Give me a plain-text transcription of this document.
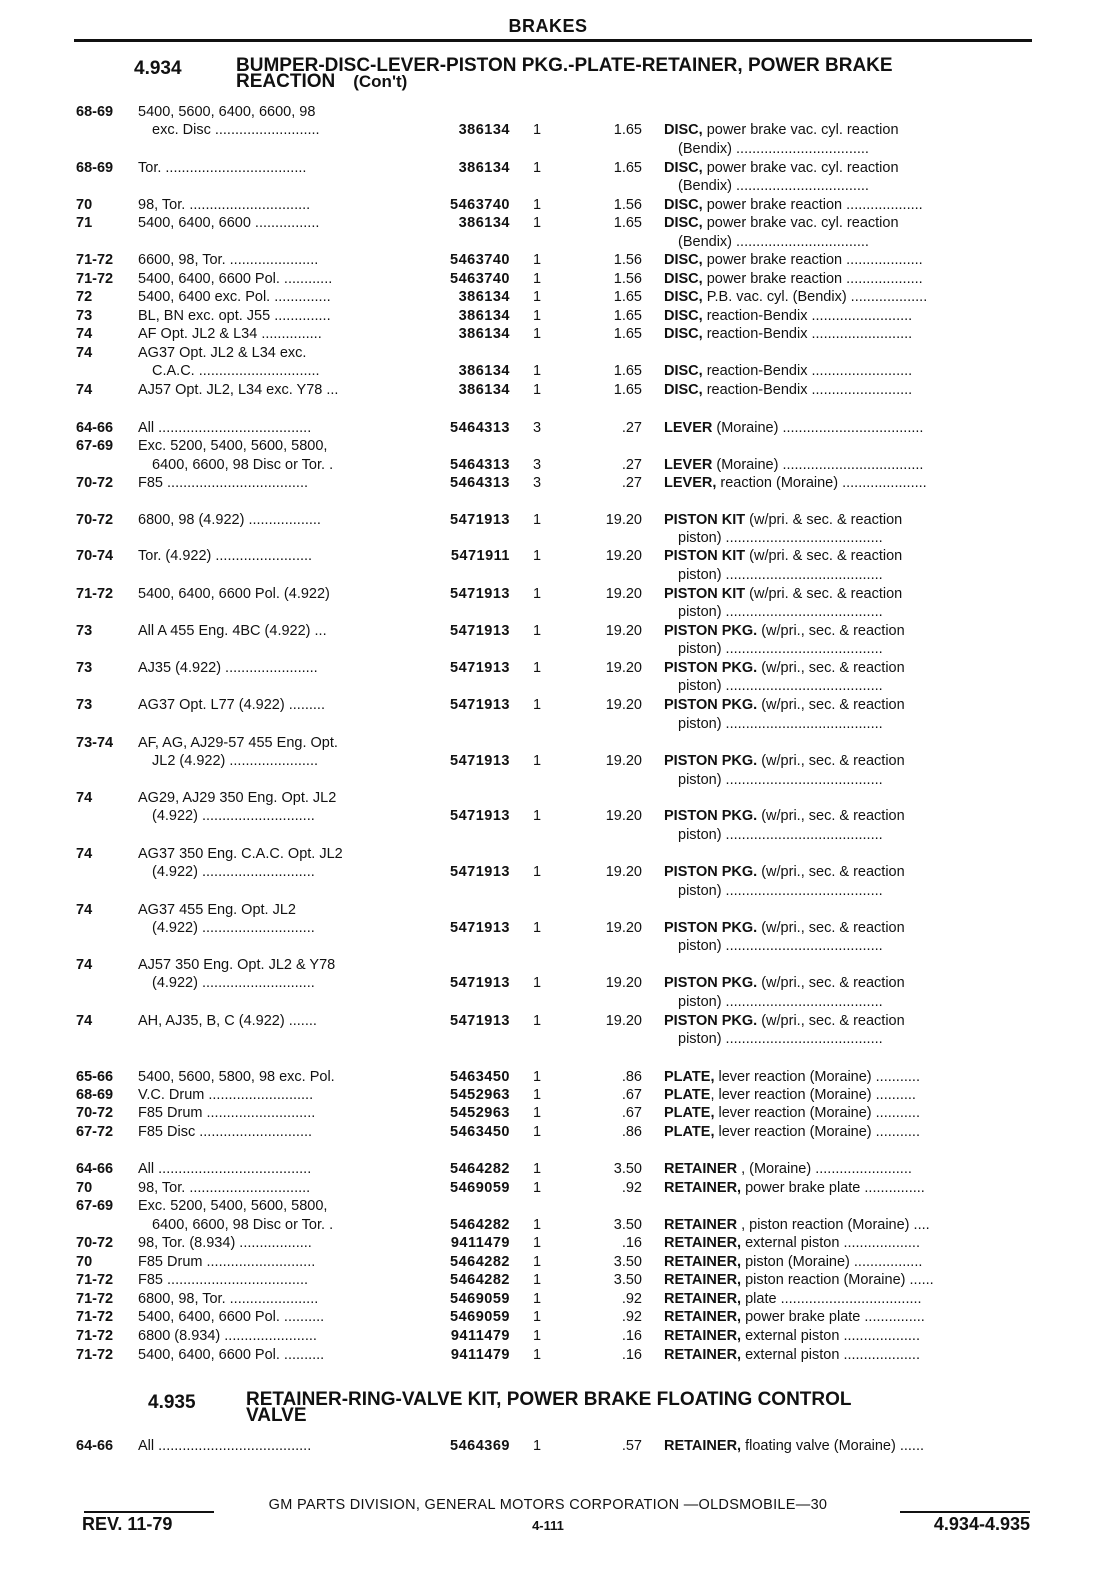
BRAKES
4.934	BUMPER-DISC-LEVER-PISTON PKG.-PLATE-RETAINER, POWER BRAKE
REACTION (Con't)
68-69	5400, 5600, 6400, 6600, 98
exc. Disc ..........................	386134	1	1.65 DISC, power brake vac. cyl. reaction
(Bendix) .................................
68-69	Tor. ...................................	386134	1	1.65 DISC, power brake vac. cyl. reaction
(Bendix) .................................
70	98, Tor. ..............................	5463740	1	1.56 DISC, power brake reaction ...................
71	5400, 6400, 6600 ................	386134	1	1.65 DISC, power brake vac. cyl. reaction
(Bendix) .................................
71-72	6600, 98, Tor. ......................	5463740	1	1.56 DISC, power brake reaction ...................
71-72	5400, 6400, 6600 Pol. ............	5463740	1	1.56 DISC, power brake reaction ...................
72	5400, 6400 exc. Pol. ..............	386134	1	1.65 DISC, P.B. vac. cyl. (Bendix) ...................
73	BL, BN exc. opt. J55 ..............	386134	1	1.65 DISC, reaction-Bendix .........................
74	AF Opt. JL2 & L34 ...............	386134	1	1.65 DISC, reaction-Bendix .........................
74	AG37 Opt. JL2 & L34 exc.
C.A.C. ..............................	386134	1	1.65 DISC, reaction-Bendix .........................
74	AJ57 Opt. JL2, L34 exc. Y78 ...	386134	1	1.65 DISC, reaction-Bendix .........................
64-66	All ......................................	5464313	3	.27 LEVER (Moraine) ...................................
67-69	Exc. 5200, 5400, 5600, 5800,
6400, 6600, 98 Disc or Tor. .	5464313	3	.27 LEVER (Moraine) ...................................
70-72	F85 ...................................	5464313	3	.27 LEVER, reaction (Moraine) .....................
70-72	6800, 98 (4.922) ..................	5471913	1	19.20 PISTON KIT (w/pri. & sec. & reaction
piston) .......................................
70-74	Tor. (4.922) ........................	5471911	1	19.20 PISTON KIT (w/pri. & sec. & reaction
piston) .......................................
71-72	5400, 6400, 6600 Pol. (4.922)	5471913	1	19.20 PISTON KIT (w/pri. & sec. & reaction
piston) .......................................
73	All A 455 Eng. 4BC (4.922) ...	5471913	1	19.20 PISTON PKG. (w/pri., sec. & reaction
piston) .......................................
73	AJ35 (4.922) .......................	5471913	1	19.20 PISTON PKG. (w/pri., sec. & reaction
piston) .......................................
73	AG37 Opt. L77 (4.922) .........	5471913	1	19.20 PISTON PKG. (w/pri., sec. & reaction
piston) .......................................
73-74	AF, AG, AJ29-57 455 Eng. Opt.
JL2 (4.922) ......................	5471913	1	19.20 PISTON PKG. (w/pri., sec. & reaction
piston) .......................................
74	AG29, AJ29 350 Eng. Opt. JL2
(4.922) ............................	5471913	1	19.20 PISTON PKG. (w/pri., sec. & reaction
piston) .......................................
74	AG37 350 Eng. C.A.C. Opt. JL2
(4.922) ............................	5471913	1	19.20 PISTON PKG. (w/pri., sec. & reaction
piston) .......................................
74	AG37 455 Eng. Opt. JL2
(4.922) ............................	5471913	1	19.20 PISTON PKG. (w/pri., sec. & reaction
piston) .......................................
74	AJ57 350 Eng. Opt. JL2 & Y78
(4.922) ............................	5471913	1	19.20 PISTON PKG. (w/pri., sec. & reaction
piston) .......................................
74	AH, AJ35, B, C (4.922) .......	5471913	1	19.20 PISTON PKG. (w/pri., sec. & reaction
piston) .......................................
65-66	5400, 5600, 5800, 98 exc. Pol.	5463450	1	.86 PLATE, lever reaction (Moraine) ...........
68-69	V.C. Drum ..........................	5452963	1	.67 PLATE, lever reaction (Moraine) ..........
70-72	F85 Drum ...........................	5452963	1	.67 PLATE, lever reaction (Moraine) ...........
67-72	F85 Disc ............................	5463450	1	.86 PLATE, lever reaction (Moraine) ...........
64-66	All ......................................	5464282	1	3.50 RETAINER , (Moraine) ........................
70	98, Tor. ..............................	5469059	1	.92 RETAINER, power brake plate ...............
67-69	Exc. 5200, 5400, 5600, 5800,
6400, 6600, 98 Disc or Tor. .	5464282	1	3.50 RETAINER , piston reaction (Moraine) ....
70-72	98, Tor. (8.934) ..................	9411479	1	.16 RETAINER, external piston ...................
70	F85 Drum ...........................	5464282	1	3.50 RETAINER, piston (Moraine) .................
71-72	F85 ...................................	5464282	1	3.50 RETAINER, piston reaction (Moraine) ......
71-72	6800, 98, Tor. ......................	5469059	1	.92 RETAINER, plate ...................................
71-72	5400, 6400, 6600 Pol. ..........	5469059	1	.92 RETAINER, power brake plate ...............
71-72	6800 (8.934) .......................	9411479	1	.16 RETAINER, external piston ...................
71-72	5400, 6400, 6600 Pol. ..........	9411479	1	.16 RETAINER, external piston ...................
4.935	RETAINER-RING-VALVE KIT, POWER BRAKE FLOATING CONTROL
VALVE
64-66	All ......................................	5464369	1	.57 RETAINER, floating valve (Moraine) ......
GM PARTS DIVISION, GENERAL MOTORS CORPORATION —OLDSMOBILE—30
4-111
REV. 11-79	4.934-4.935
